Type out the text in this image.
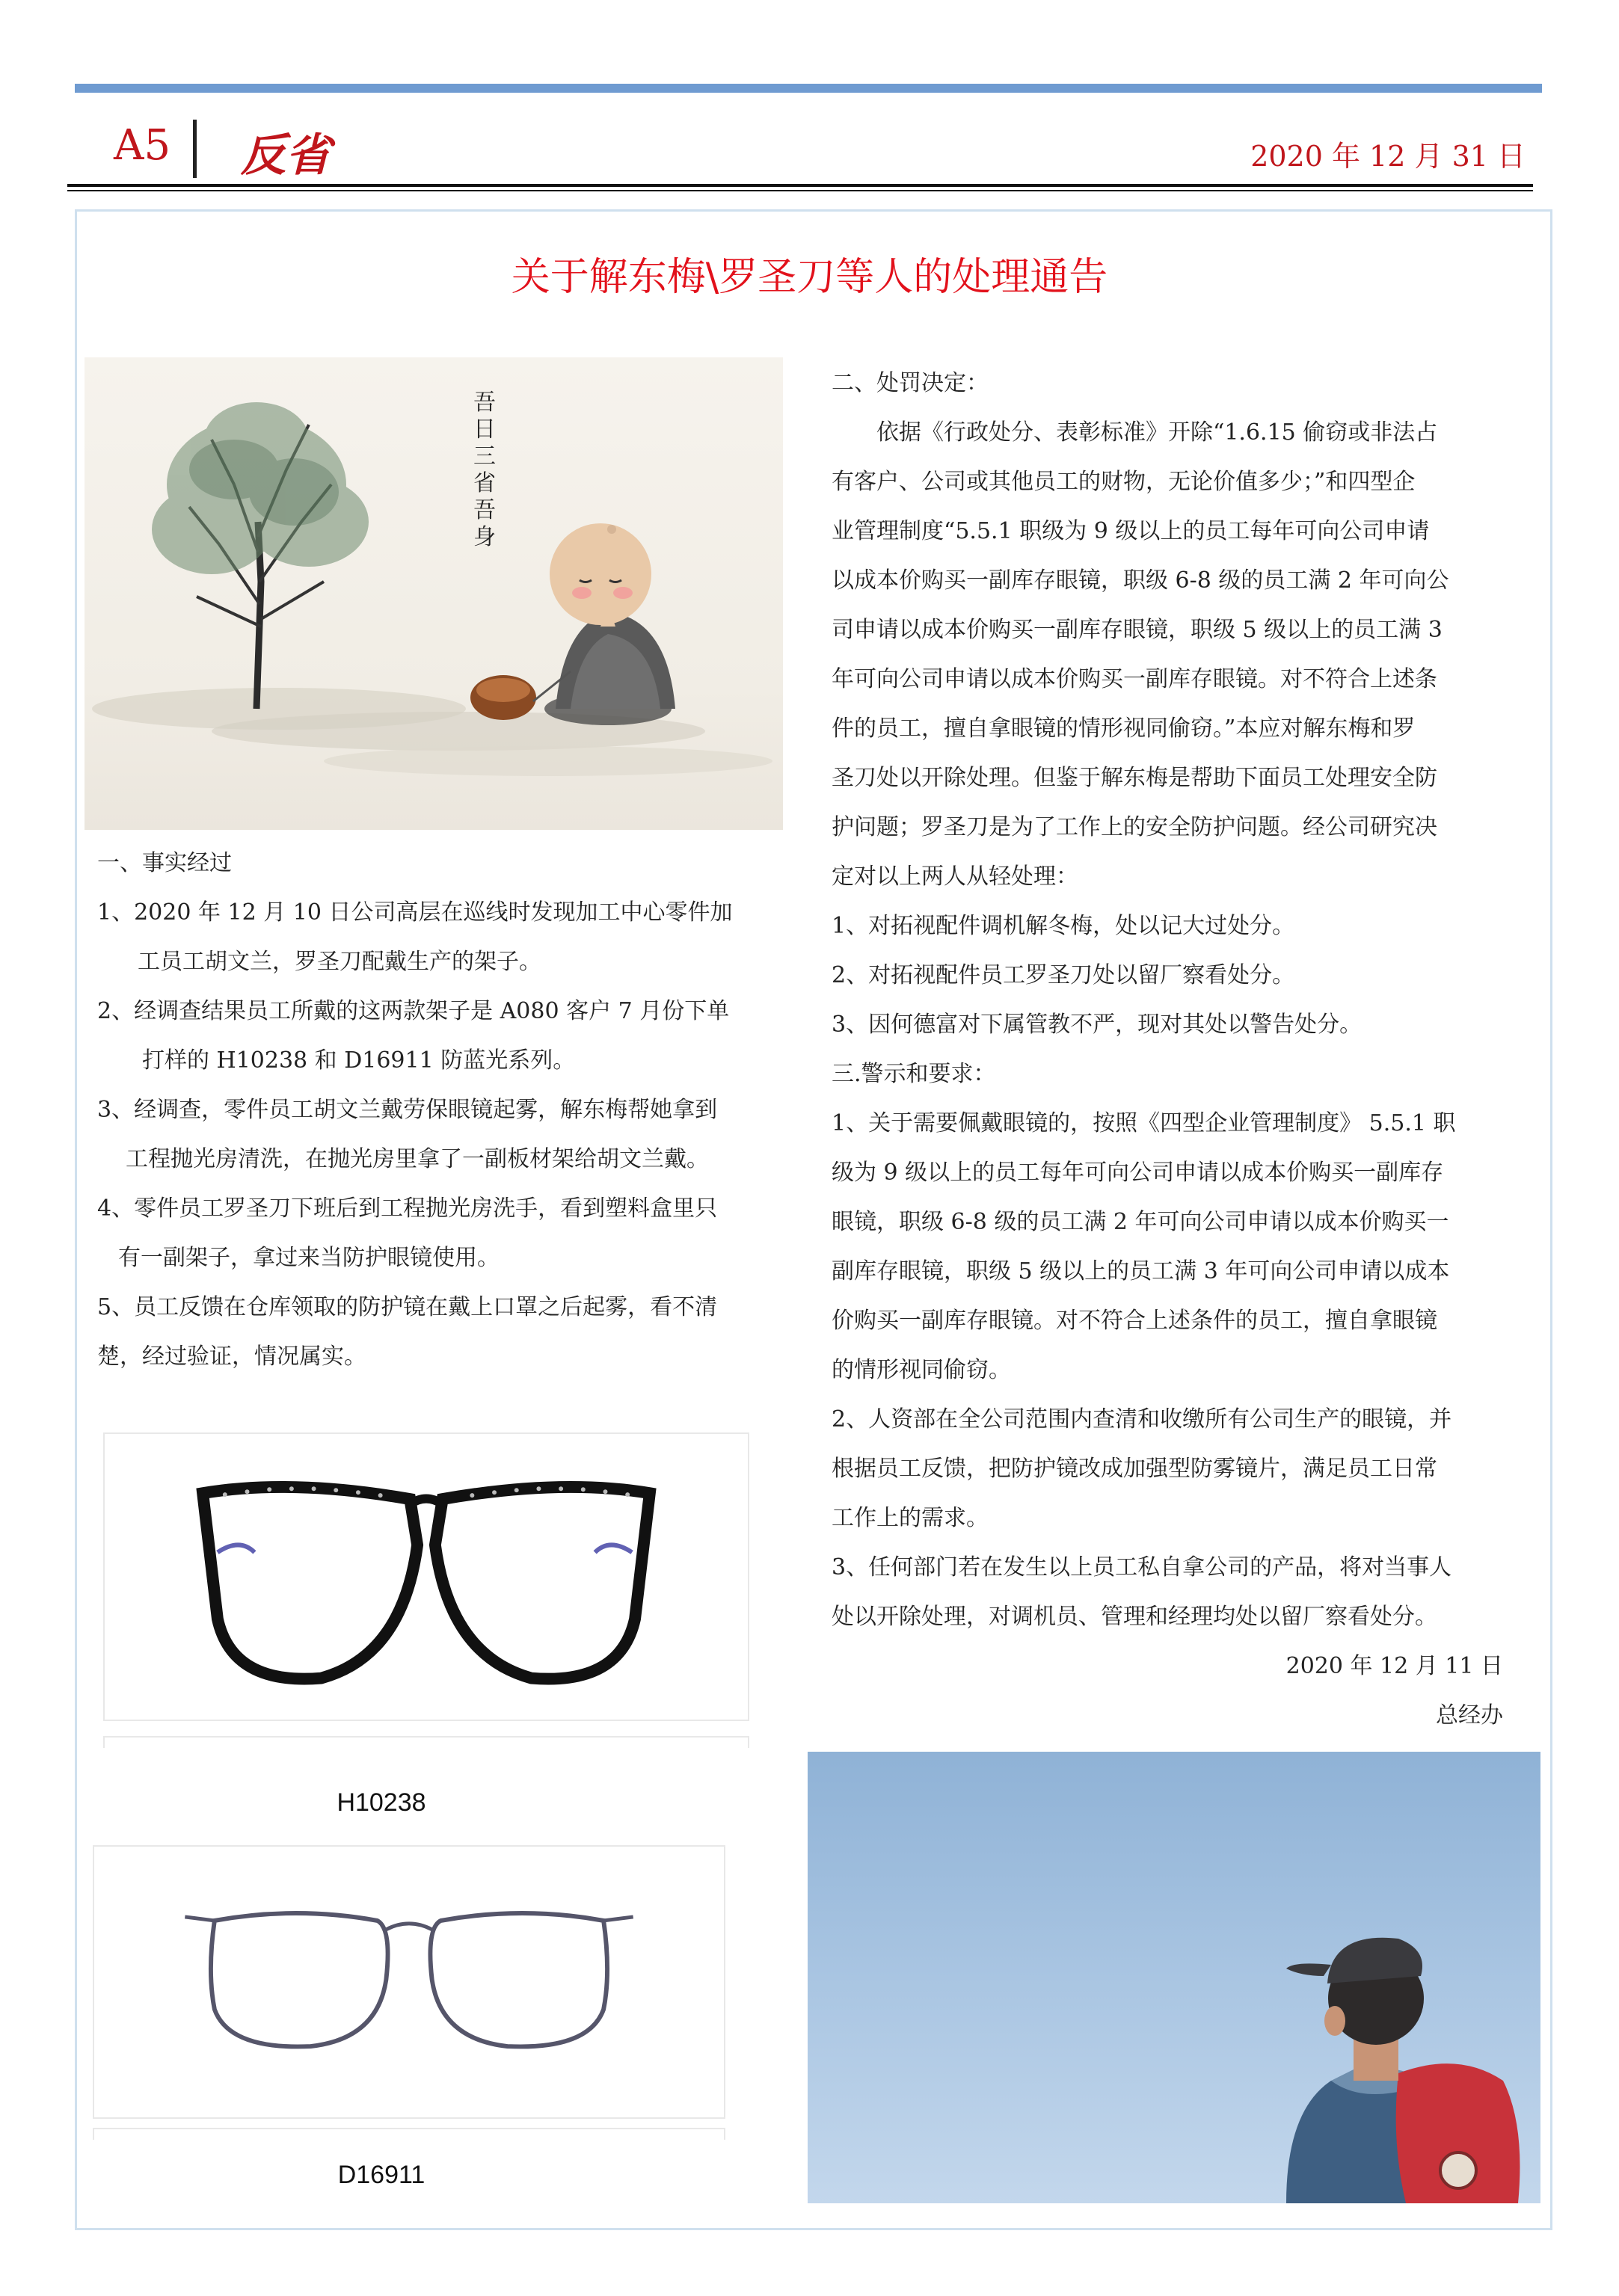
A5 反省	2020 年 12 月 31 日
关于解东梅\罗圣刀等人的处理通告
吾日三省吾身

一、事实经过

1、2020 年 12 月 10 日公司高层在巡线时发现加工中心零件加

工员工胡文兰，罗圣刀配戴生产的架子。

2、经调查结果员工所戴的这两款架子是 A080 客户 7 月份下单

打样的 H10238 和 D16911 防蓝光系列。

3、经调查，零件员工胡文兰戴劳保眼镜起雾，解东梅帮她拿到

工程抛光房清洗，在抛光房里拿了一副板材架给胡文兰戴。

4、零件员工罗圣刀下班后到工程抛光房洗手，看到塑料盒里只

有一副架子，拿过来当防护眼镜使用。

5、员工反馈在仓库领取的防护镜在戴上口罩之后起雾，看不清

楚，经过验证，情况属实。

H10238
D16911

二、处罚决定：

依据《行政处分、表彰标准》开除“1.6.15 偷窃或非法占

有客户、公司或其他员工的财物，无论价值多少；”和四型企

业管理制度“5.5.1 职级为 9 级以上的员工每年可向公司申请

以成本价购买一副库存眼镜，职级 6-8 级的员工满 2 年可向公

司申请以成本价购买一副库存眼镜，职级 5 级以上的员工满 3

年可向公司申请以成本价购买一副库存眼镜。对不符合上述条

件的员工，擅自拿眼镜的情形视同偷窃。”本应对解东梅和罗

圣刀处以开除处理。但鉴于解东梅是帮助下面员工处理安全防

护问题；罗圣刀是为了工作上的安全防护问题。经公司研究决

定对以上两人从轻处理：

1、对拓视配件调机解冬梅，处以记大过处分。

2、对拓视配件员工罗圣刀处以留厂察看处分。

3、因何德富对下属管教不严，现对其处以警告处分。

三.警示和要求：

1、关于需要佩戴眼镜的，按照《四型企业管理制度》 5.5.1 职

级为 9 级以上的员工每年可向公司申请以成本价购买一副库存

眼镜，职级 6-8 级的员工满 2 年可向公司申请以成本价购买一

副库存眼镜，职级 5 级以上的员工满 3 年可向公司申请以成本

价购买一副库存眼镜。对不符合上述条件的员工，擅自拿眼镜

的情形视同偷窃。

2、人资部在全公司范围内查清和收缴所有公司生产的眼镜，并

根据员工反馈，把防护镜改成加强型防雾镜片，满足员工日常

工作上的需求。

3、任何部门若在发生以上员工私自拿公司的产品，将对当事人

处以开除处理，对调机员、管理和经理均处以留厂察看处分。

2020 年 12 月 11 日

总经办
